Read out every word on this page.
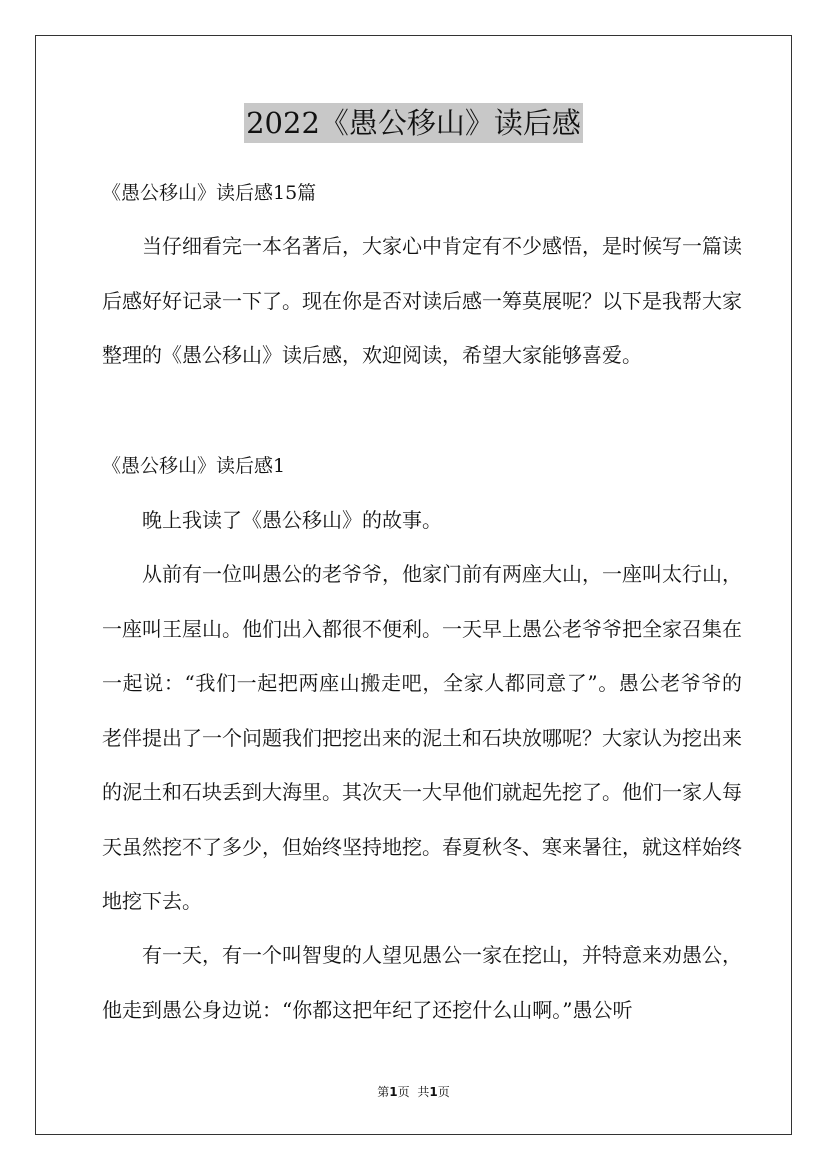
2022《愚公移山》读后感
《愚公移山》读后感15篇

当仔细看完一本名著后，大家心中肯定有不少感悟，是时候写一篇读后感好好记录一下了。现在你是否对读后感一筹莫展呢？以下是我帮大家整理的《愚公移山》读后感，欢迎阅读，希望大家能够喜爱。

《愚公移山》读后感1

晚上我读了《愚公移山》的故事。

从前有一位叫愚公的老爷爷，他家门前有两座大山，一座叫太行山，一座叫王屋山。他们出入都很不便利。一天早上愚公老爷爷把全家召集在一起说：“我们一起把两座山搬走吧，全家人都同意了”。愚公老爷爷的老伴提出了一个问题我们把挖出来的泥土和石块放哪呢？大家认为挖出来的泥土和石块丢到大海里。其次天一大早他们就起先挖了。他们一家人每天虽然挖不了多少，但始终坚持地挖。春夏秋冬、寒来暑往，就这样始终地挖下去。

有一天，有一个叫智叟的人望见愚公一家在挖山，并特意来劝愚公，他走到愚公身边说：“你都这把年纪了还挖什么山啊。”愚公听

第1页 共1页
